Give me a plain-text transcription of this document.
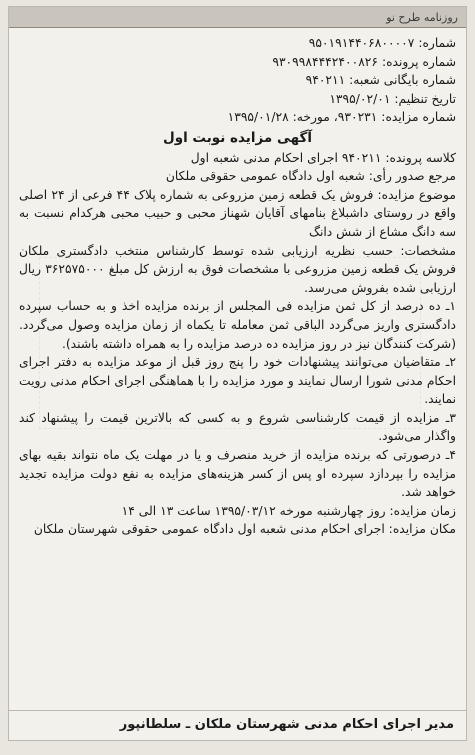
روزنامه طرح نو
شماره: ۹۵۰۱۹۱۴۴۰۶۸۰۰۰۰۷
شماره پرونده: ۹۳۰۹۹۸۴۴۴۲۴۰۰۸۲۶
شماره بایگانی شعبه: ۹۴۰۲۱۱
تاریخ تنظیم: ۱۳۹۵/۰۲/۰۱
شماره مزایده: ۹۳۰۲۳۱، مورخه: ۱۳۹۵/۰۱/۲۸
آگهی مزایده نوبت اول
کلاسه پرونده: ۹۴۰۲۱۱ اجرای احکام مدنی شعبه اول
مرجع صدور رأی: شعبه اول دادگاه عمومی حقوقی ملکان

موضوع مزایده: فروش یک قطعه زمین مزروعی به شماره پلاک ۴۴ فرعی از ۲۴ اصلی واقع در روستای داشبلاغ بنامهای آقایان شهناز محبی و حبیب محبی هرکدام نسبت به سه دانگ مشاع از شش دانگ

مشخصات: حسب نظریه ارزیابی شده توسط کارشناس منتخب دادگستری ملکان فروش یک قطعه زمین مزروعی با مشخصات فوق به ارزش کل مبلغ ۳۶۲۵۷۵۰۰۰ ریال ارزیابی شده بفروش می‌رسد.

۱ـ ده درصد از کل ثمن مزایده فی المجلس از برنده مزایده اخذ و به حساب سپرده دادگستری واریز می‌گردد الباقی ثمن معامله تا یکماه از زمان مزایده وصول می‌گردد.(شرکت کنندگان نیز در روز مزایده ده درصد مزایده را به همراه داشته باشند).

۲ـ متقاضیان می‌توانند پیشنهادات خود را پنج روز قبل از موعد مزایده به دفتر اجرای احکام مدنی شورا ارسال نمایند و مورد مزایده را با هماهنگی اجرای احکام مدنی رویت نمایند.

۳ـ مزایده از قیمت کارشناسی شروع و به کسی که بالاترین قیمت را پیشنهاد کند واگذار می‌شود.

۴ـ درصورتی که برنده مزایده از خرید منصرف و یا در مهلت یک ماه نتواند بقیه بهای مزایده را بپردازد سپرده او پس از کسر هزینه‌های مزایده به نفع دولت مزایده تجدید خواهد شد.

زمان مزایده: روز چهارشنبه مورخه ۱۳۹۵/۰۳/۱۲ ساعت ۱۳ الی ۱۴

مکان مزایده: اجرای احکام مدنی شعبه اول دادگاه عمومی حقوقی شهرستان ملکان

مدیر اجرای احکام مدنی شهرستان ملکان ـ سلطانپور
